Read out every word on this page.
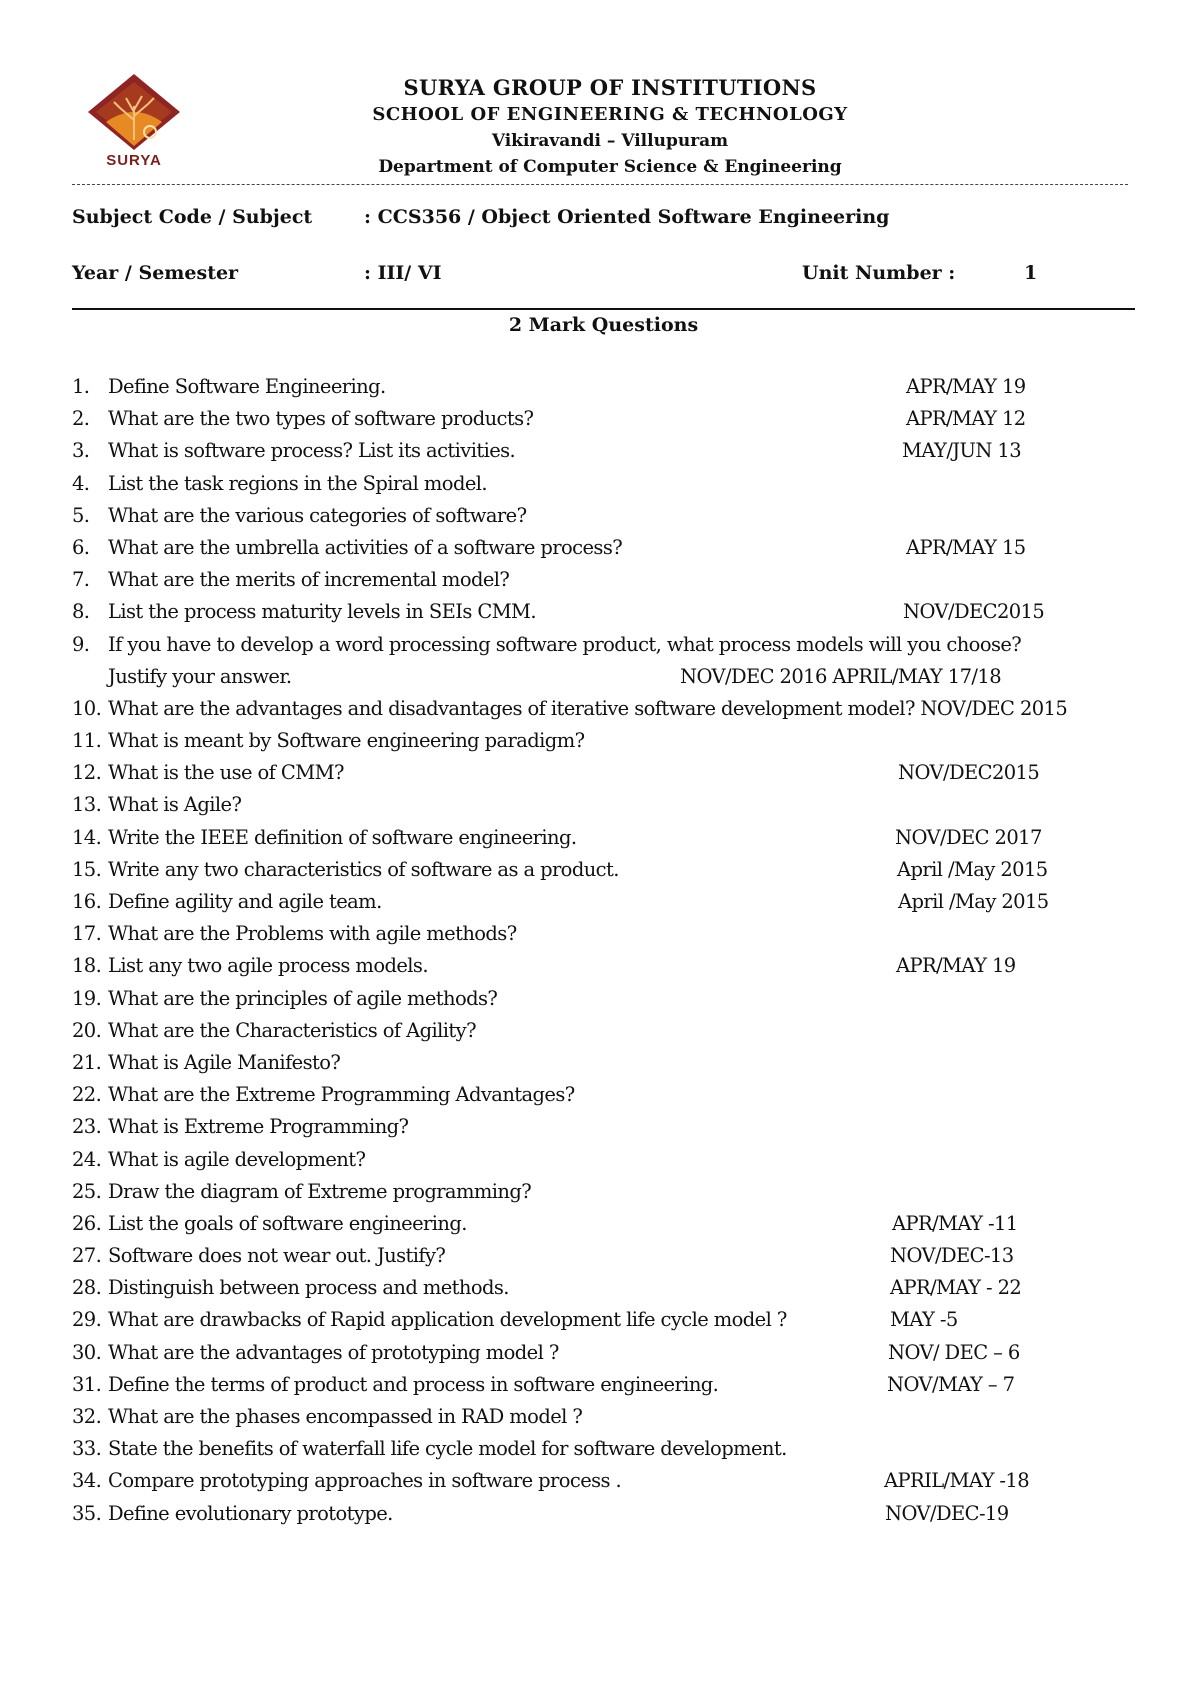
SURYA
SURYA GROUP OF INSTITUTIONS
SCHOOL OF ENGINEERING & TECHNOLOGY
Vikiravandi – Villupuram
Department of Computer Science & Engineering
Subject Code / Subject	: CCS356 / Object Oriented Software Engineering
Year / Semester	: III/ VI	Unit Number :	1
2 Mark Questions
1. Define Software Engineering.	APR/MAY 19
2. What are the two types of software products?	APR/MAY 12
3. What is software process? List its activities.	MAY/JUN 13
4. List the task regions in the Spiral model.
5. What are the various categories of software?
6. What are the umbrella activities of a software process?	APR/MAY 15
7. What are the merits of incremental model?
8. List the process maturity levels in SEIs CMM.	NOV/DEC2015
9. If you have to develop a word processing software product, what process models will you choose?
Justify your answer.	NOV/DEC 2016 APRIL/MAY 17/18
10. What are the advantages and disadvantages of iterative software development model? NOV/DEC 2015
11. What is meant by Software engineering paradigm?
12. What is the use of CMM?	NOV/DEC2015
13. What is Agile?
14. Write the IEEE definition of software engineering.	NOV/DEC 2017
15. Write any two characteristics of software as a product.	April /May 2015
16. Define agility and agile team.	April /May 2015
17. What are the Problems with agile methods?
18. List any two agile process models.	APR/MAY 19
19. What are the principles of agile methods?
20. What are the Characteristics of Agility?
21. What is Agile Manifesto?
22. What are the Extreme Programming Advantages?
23. What is Extreme Programming?
24. What is agile development?
25. Draw the diagram of Extreme programming?
26. List the goals of software engineering.	APR/MAY -11
27. Software does not wear out. Justify?	NOV/DEC-13
28. Distinguish between process and methods.	APR/MAY - 22
29. What are drawbacks of Rapid application development life cycle model ?	MAY -5
30. What are the advantages of prototyping model ?	NOV/ DEC – 6
31. Define the terms of product and process in software engineering.	NOV/MAY – 7
32. What are the phases encompassed in RAD model ?
33. State the benefits of waterfall life cycle model for software development.
34. Compare prototyping approaches in software process .	APRIL/MAY -18
35. Define evolutionary prototype.	NOV/DEC-19
